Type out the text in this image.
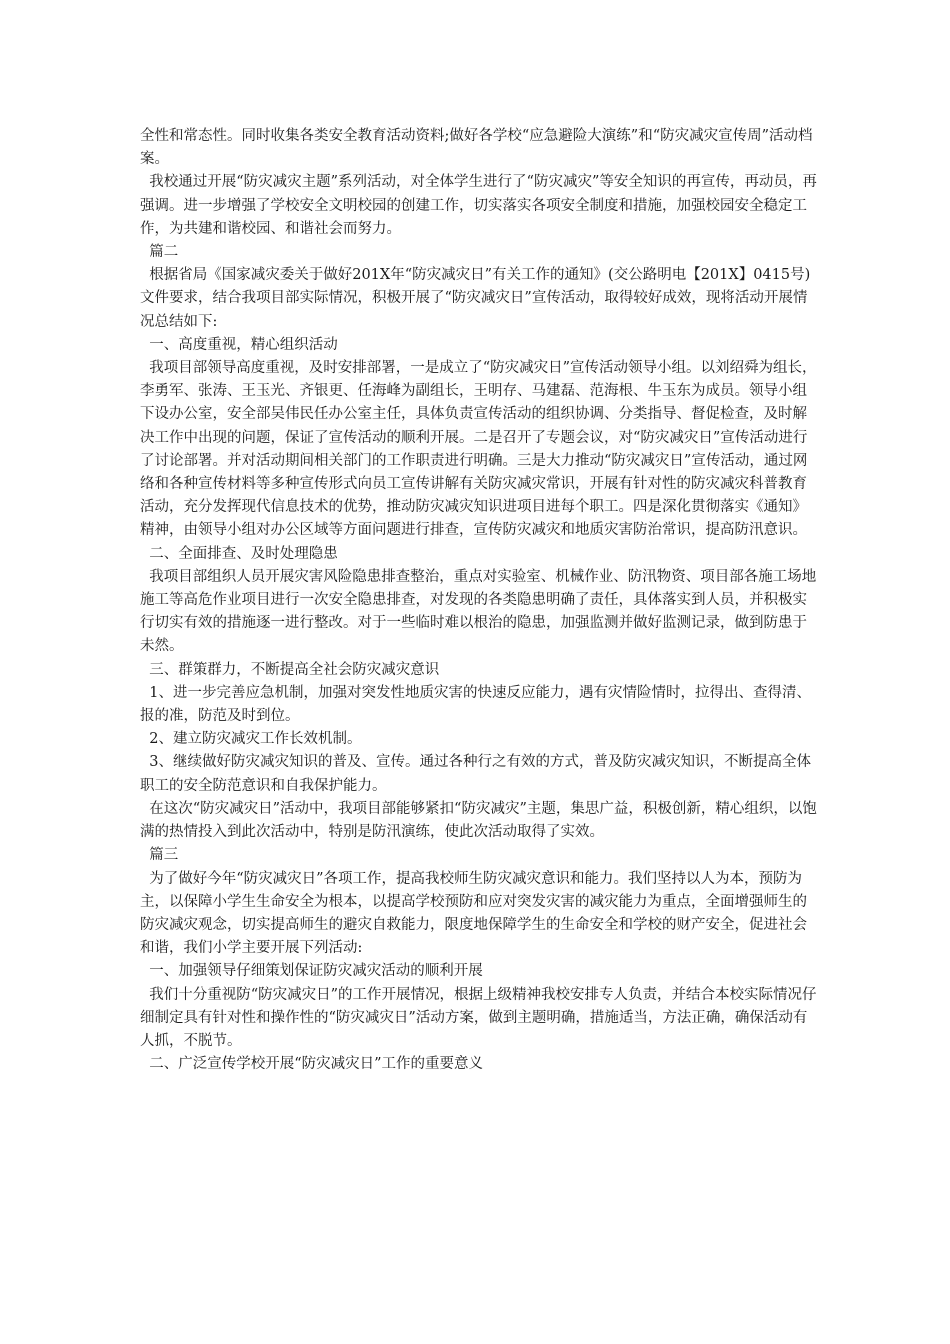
全性和常态性。同时收集各类安全教育活动资料;做好各学校“应急避险大演练”和“防灾减灾宣传周”活动档案。

我校通过开展“防灾减灾主题”系列活动，对全体学生进行了“防灾减灾”等安全知识的再宣传，再动员，再强调。进一步增强了学校安全文明校园的创建工作，切实落实各项安全制度和措施，加强校园安全稳定工作，为共建和谐校园、和谐社会而努力。

篇二

根据省局《国家减灾委关于做好201X年“防灾减灾日”有关工作的通知》(交公路明电【201X】0415号)文件要求，结合我项目部实际情况，积极开展了“防灾减灾日”宣传活动，取得较好成效，现将活动开展情况总结如下:

一、高度重视，精心组织活动

我项目部领导高度重视，及时安排部署，一是成立了“防灾减灾日”宣传活动领导小组。以刘绍舜为组长，李勇军、张涛、王玉光、齐银更、任海峰为副组长，王明存、马建磊、范海根、牛玉东为成员。领导小组下设办公室，安全部吴伟民任办公室主任，具体负责宣传活动的组织协调、分类指导、督促检查，及时解决工作中出现的问题，保证了宣传活动的顺利开展。二是召开了专题会议，对“防灾减灾日”宣传活动进行了讨论部署。并对活动期间相关部门的工作职责进行明确。三是大力推动“防灾减灾日”宣传活动，通过网络和各种宣传材料等多种宣传形式向员工宣传讲解有关防灾减灾常识，开展有针对性的防灾减灾科普教育活动，充分发挥现代信息技术的优势，推动防灾减灾知识进项目进每个职工。四是深化贯彻落实《通知》精神，由领导小组对办公区域等方面问题进行排查，宣传防灾减灾和地质灾害防治常识，提高防汛意识。

二、全面排查、及时处理隐患

我项目部组织人员开展灾害风险隐患排查整治，重点对实验室、机械作业、防汛物资、项目部各施工场地施工等高危作业项目进行一次安全隐患排查，对发现的各类隐患明确了责任，具体落实到人员，并积极实行切实有效的措施逐一进行整改。对于一些临时难以根治的隐患，加强监测并做好监测记录，做到防患于未然。

三、群策群力，不断提高全社会防灾减灾意识

1、进一步完善应急机制，加强对突发性地质灾害的快速反应能力，遇有灾情险情时，拉得出、查得清、报的准，防范及时到位。

2、建立防灾减灾工作长效机制。

3、继续做好防灾减灾知识的普及、宣传。通过各种行之有效的方式，普及防灾减灾知识，不断提高全体职工的安全防范意识和自我保护能力。

在这次“防灾减灾日”活动中，我项目部能够紧扣“防灾减灾”主题，集思广益，积极创新，精心组织，以饱满的热情投入到此次活动中，特别是防汛演练，使此次活动取得了实效。

篇三

为了做好今年“防灾减灾日”各项工作，提高我校师生防灾减灾意识和能力。我们坚持以人为本，预防为主，以保障小学生生命安全为根本，以提高学校预防和应对突发灾害的减灾能力为重点，全面增强师生的防灾减灾观念，切实提高师生的避灾自救能力，限度地保障学生的生命安全和学校的财产安全，促进社会和谐，我们小学主要开展下列活动:

一、加强领导仔细策划保证防灾减灾活动的顺利开展

我们十分重视防“防灾减灾日”的工作开展情况，根据上级精神我校安排专人负责，并结合本校实际情况仔细制定具有针对性和操作性的“防灾减灾日”活动方案，做到主题明确，措施适当，方法正确，确保活动有人抓，不脱节。

二、广泛宣传学校开展“防灾减灾日”工作的重要意义
